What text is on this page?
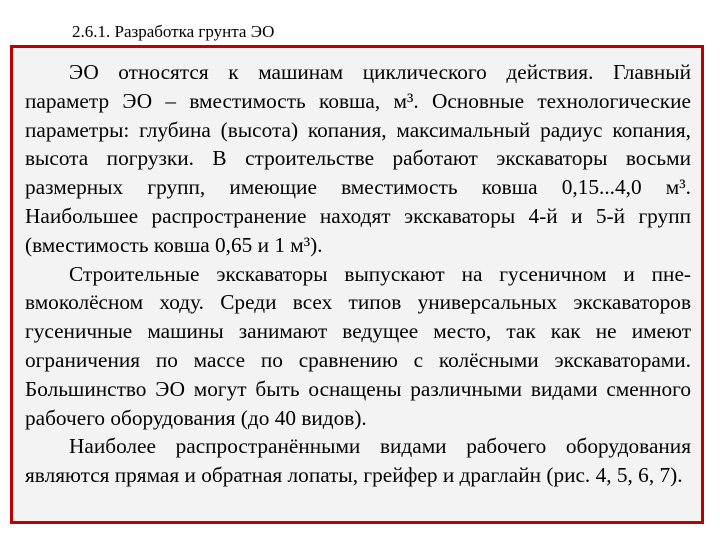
2.6.1. Разработка грунта ЭО

ЭО относятся к машинам циклического действия. Главный параметр ЭО – вместимость ковша, м³. Основные технологические параметры: глубина (высота) копания, максимальный радиус копания, высота погрузки. В строительстве работают экскаваторы восьми размерных групп, имеющие вместимость ковша 0,15...4,0 м³. Наибольшее распространение находят экскаваторы 4-й и 5-й групп (вместимость ковша 0,65 и 1 м³).

Строительные экскаваторы выпускают на гусеничном и пневмоколёсном ходу. Среди всех типов универсальных экскаваторов гусеничные машины занимают ведущее место, так как не имеют ограничения по массе по сравнению с колёсными экскаваторами. Большинство ЭО могут быть оснащены различными видами сменного рабочего оборудования (до 40 видов).

Наиболее распространёнными видами рабочего оборудования являются прямая и обратная лопаты, грейфер и драглайн (рис. 4, 5, 6, 7).
